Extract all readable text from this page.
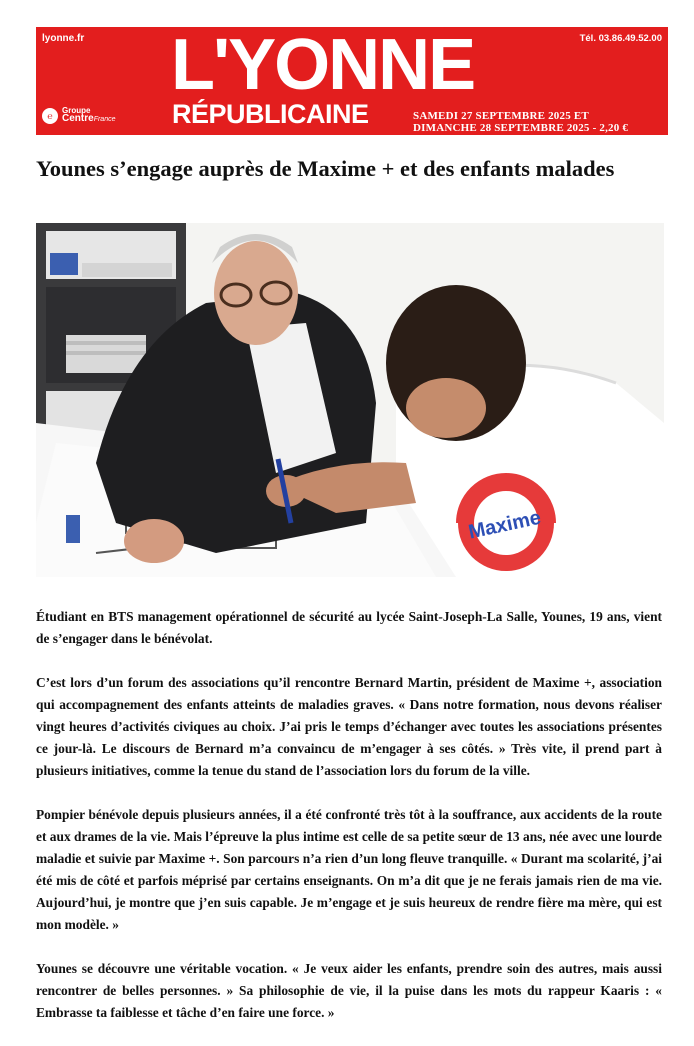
lyonne.fr	Tél. 03.86.49.52.00
L'YONNE
RÉPUBLICAINE
℮	Groupe
CentreFrance	SAMEDI 27 SEPTEMBRE 2025 ET
DIMANCHE 28 SEPTEMBRE 2025 - 2,20 €
Younes s’engage auprès de Maxime + et des enfants malades
Maxime

Étudiant en BTS management opérationnel de sécurité au lycée Saint-Joseph-La Salle, Younes, 19 ans, vient de s’engager dans le bénévolat.

C’est lors d’un forum des associations qu’il rencontre Bernard Martin, président de Maxime +, association qui accompagnement des enfants atteints de maladies graves. « Dans notre formation, nous devons réaliser vingt heures d’activités civiques au choix. J’ai pris le temps d’échanger avec toutes les associations présentes ce jour-là. Le discours de Bernard m’a convaincu de m’engager à ses côtés. » Très vite, il prend part à plusieurs initiatives, comme la tenue du stand de l’association lors du forum de la ville.

Pompier bénévole depuis plusieurs années, il a été confronté très tôt à la souffrance, aux accidents de la route et aux drames de la vie. Mais l’épreuve la plus intime est celle de sa petite sœur de 13 ans, née avec une lourde maladie et suivie par Maxime +. Son parcours n’a rien d’un long fleuve tranquille. « Durant ma scolarité, j’ai été mis de côté et parfois méprisé par certains enseignants. On m’a dit que je ne ferais jamais rien de ma vie. Aujourd’hui, je montre que j’en suis capable. Je m’engage et je suis heureux de rendre fière ma mère, qui est mon modèle. »

Younes se découvre une véritable vocation. « Je veux aider les enfants, prendre soin des autres, mais aussi rencontrer de belles personnes. » Sa philosophie de vie, il la puise dans les mots du rappeur Kaaris : « Embrasse ta faiblesse et tâche d’en faire une force. »
